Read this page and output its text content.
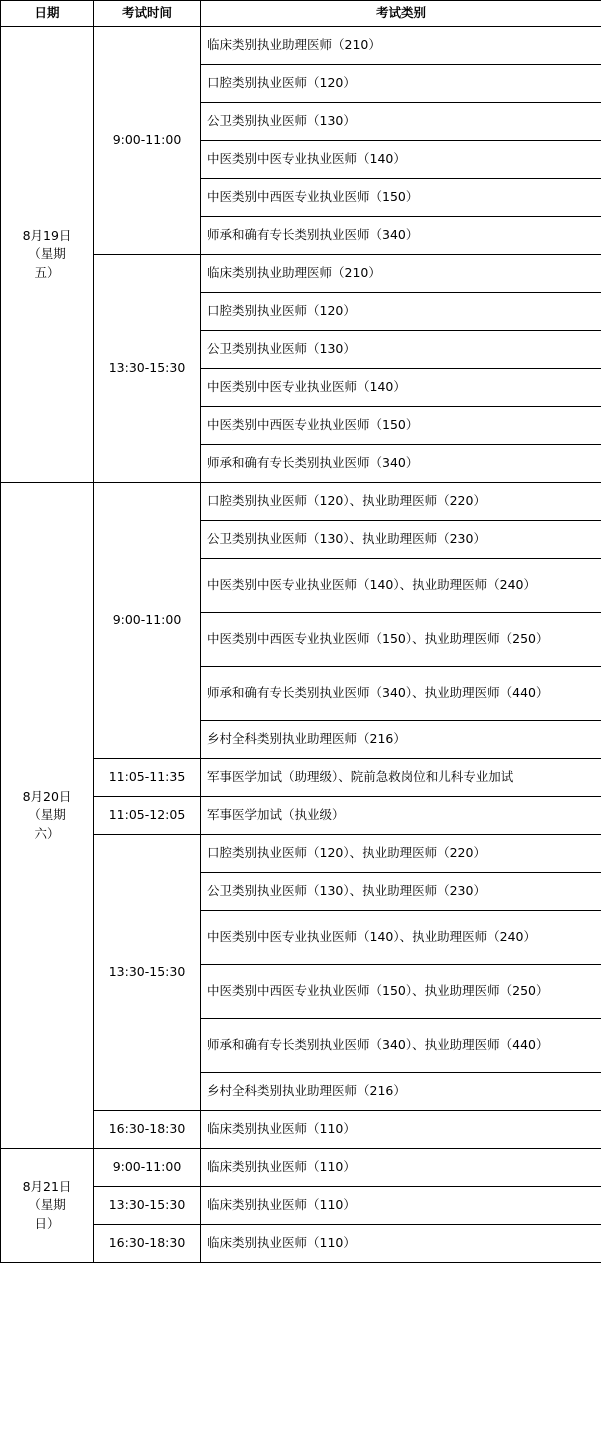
日期	考试时间	考试类别

8月19日
（星期
五）	9:00-11:00	临床类别执业助理医师（210）
		口腔类别执业医师（120）
		公卫类别执业医师（130）
		中医类别中医专业执业医师（140）
		中医类别中西医专业执业医师（150）
		师承和确有专长类别执业医师（340）
	13:30-15:30	临床类别执业助理医师（210）
		口腔类别执业医师（120）
		公卫类别执业医师（130）
		中医类别中医专业执业医师（140）
		中医类别中西医专业执业医师（150）
		师承和确有专长类别执业医师（340）

8月20日
（星期
六）	9:00-11:00	口腔类别执业医师（120）、执业助理医师（220）
		公卫类别执业医师（130）、执业助理医师（230）
		中医类别中医专业执业医师（140）、执业助理医师（240）
		中医类别中西医专业执业医师（150）、执业助理医师（250）
		师承和确有专长类别执业医师（340）、执业助理医师（440）
		乡村全科类别执业助理医师（216）
	11:05-11:35	军事医学加试（助理级）、院前急救岗位和儿科专业加试
	11:05-12:05	军事医学加试（执业级）
	13:30-15:30	口腔类别执业医师（120）、执业助理医师（220）
		公卫类别执业医师（130）、执业助理医师（230）
		中医类别中医专业执业医师（140）、执业助理医师（240）
		中医类别中西医专业执业医师（150）、执业助理医师（250）
		师承和确有专长类别执业医师（340）、执业助理医师（440）
		乡村全科类别执业助理医师（216）
	16:30-18:30	临床类别执业医师（110）

8月21日
（星期
日）	9:00-11:00	临床类别执业医师（110）
	13:30-15:30	临床类别执业医师（110）
	16:30-18:30	临床类别执业医师（110）
